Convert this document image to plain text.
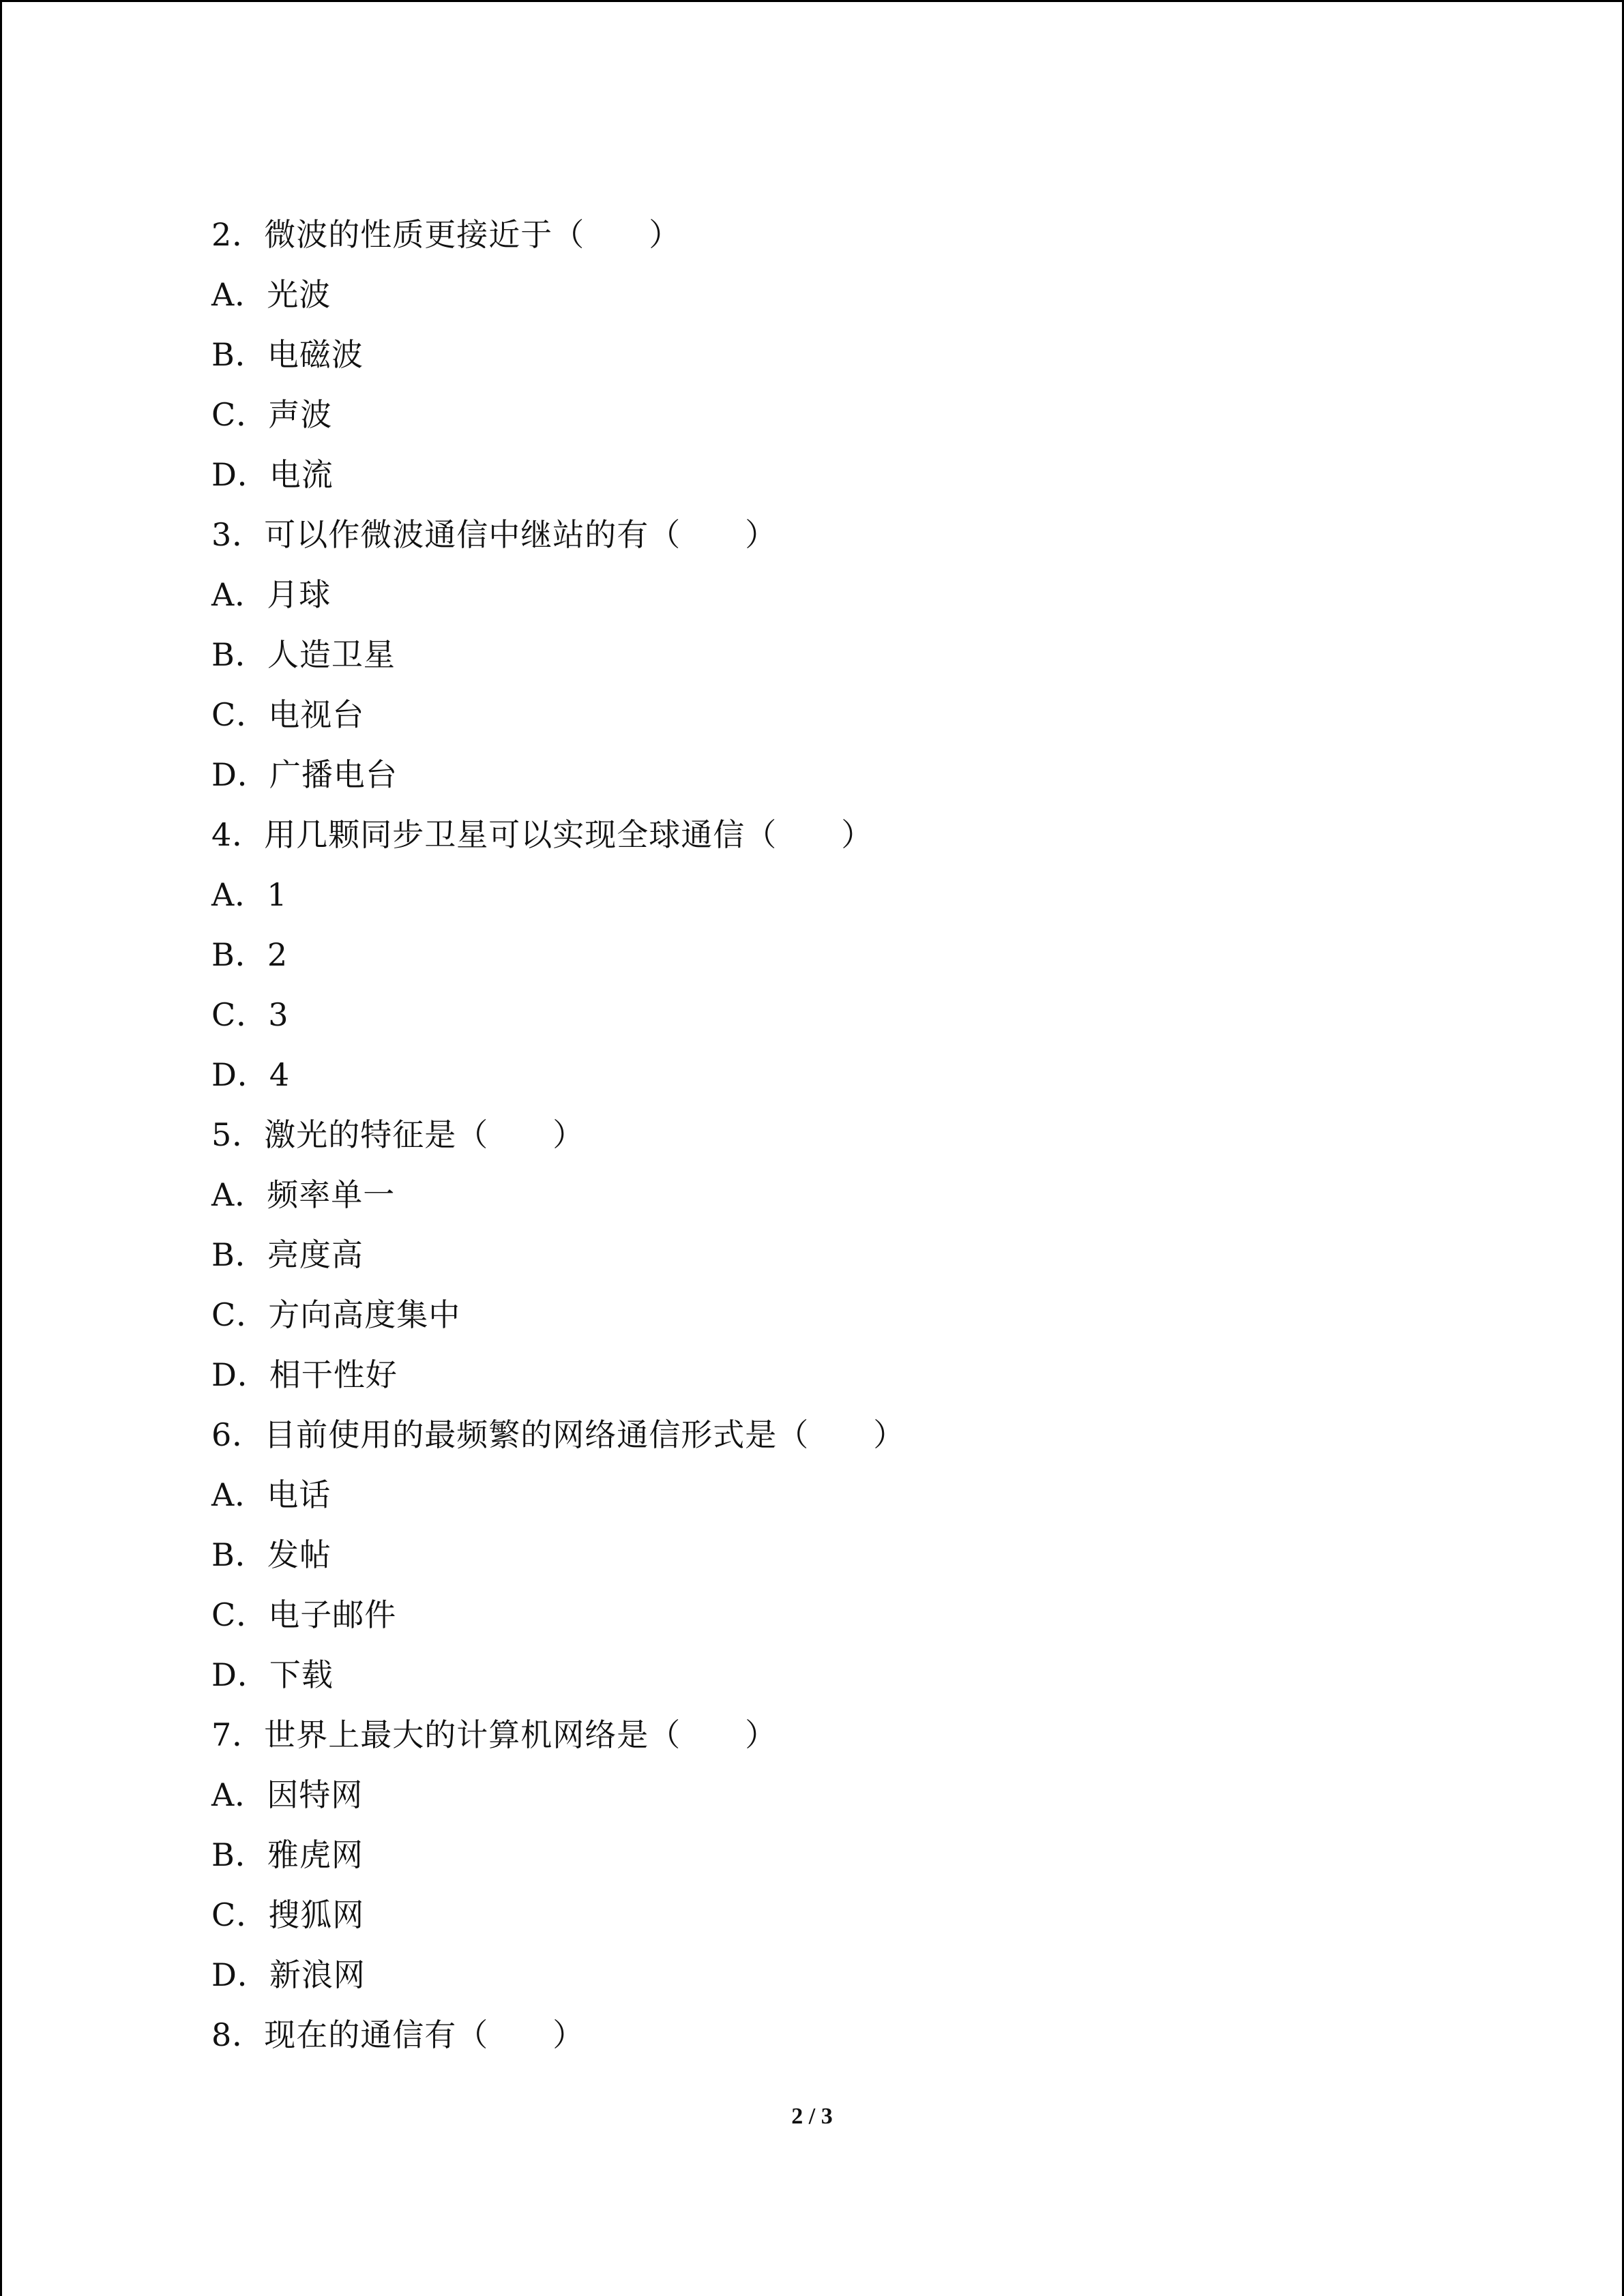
2．微波的性质更接近于（　　）
A．光波
B．电磁波
C．声波
D．电流
3．可以作微波通信中继站的有（　　）
A．月球
B．人造卫星
C．电视台
D．广播电台
4．用几颗同步卫星可以实现全球通信（　　）
A．1
B．2
C．3
D．4
5．激光的特征是（　　）
A．频率单一
B．亮度高
C．方向高度集中
D．相干性好
6．目前使用的最频繁的网络通信形式是（　　）
A．电话
B．发帖
C．电子邮件
D．下载
7．世界上最大的计算机网络是（　　）
A．因特网
B．雅虎网
C．搜狐网
D．新浪网
8．现在的通信有（　　）
2 / 3
